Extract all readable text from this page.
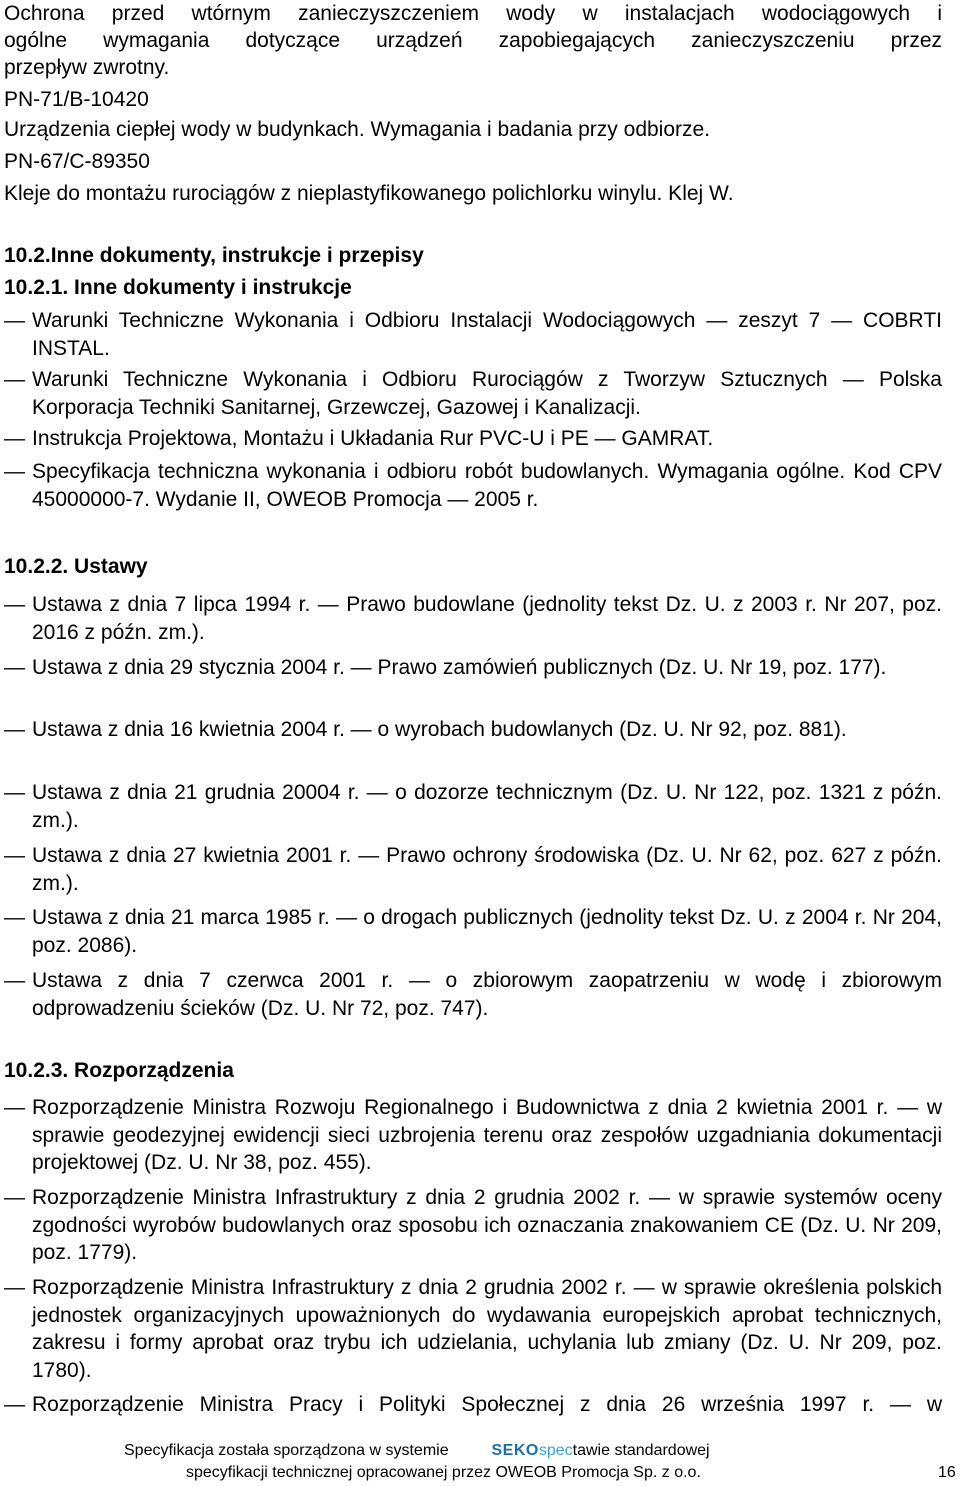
Ochrona przed wtórnym zanieczyszczeniem wody w instalacjach wodociągowych i
ogólne wymagania dotyczące urządzeń zapobiegających zanieczyszczeniu przez
przepływ zwrotny.
PN-71/B-10420
Urządzenia ciepłej wody w budynkach. Wymagania i badania przy odbiorze.
PN-67/C-89350
Kleje do montażu rurociągów z nieplastyfikowanego polichlorku winylu. Klej W.
10.2.Inne dokumenty, instrukcje i przepisy
10.2.1. Inne dokumenty i instrukcje
— Warunki Techniczne Wykonania i Odbioru Instalacji Wodociągowych — zeszyt 7 — COBRTI INSTAL.
— Warunki Techniczne Wykonania i Odbioru Rurociągów z Tworzyw Sztucznych — Polska Korporacja Techniki Sanitarnej, Grzewczej, Gazowej i Kanalizacji.
— Instrukcja Projektowa, Montażu i Układania Rur PVC-U i PE — GAMRAT.
— Specyfikacja techniczna wykonania i odbioru robót budowlanych. Wymagania ogólne. Kod CPV 45000000-7. Wydanie II, OWEOB Promocja — 2005 r.
10.2.2. Ustawy
— Ustawa z dnia 7 lipca 1994 r. — Prawo budowlane (jednolity tekst Dz. U. z 2003 r. Nr 207, poz. 2016 z późn. zm.).
— Ustawa z dnia 29 stycznia 2004 r. — Prawo zamówień publicznych (Dz. U. Nr 19, poz. 177).
— Ustawa z dnia 16 kwietnia 2004 r. — o wyrobach budowlanych (Dz. U. Nr 92, poz. 881).
— Ustawa z dnia 21 grudnia 20004 r. — o dozorze technicznym (Dz. U. Nr 122, poz. 1321 z późn. zm.).
— Ustawa z dnia 27 kwietnia 2001 r. — Prawo ochrony środowiska (Dz. U. Nr 62, poz. 627 z późn. zm.).
— Ustawa z dnia 21 marca 1985 r. — o drogach publicznych (jednolity tekst Dz. U. z 2004 r. Nr 204, poz. 2086).
— Ustawa z dnia 7 czerwca 2001 r. — o zbiorowym zaopatrzeniu w wodę i zbiorowym odprowadzeniu ścieków (Dz. U. Nr 72, poz. 747).
10.2.3. Rozporządzenia
— Rozporządzenie Ministra Rozwoju Regionalnego i Budownictwa z dnia 2 kwietnia 2001 r. — w sprawie geodezyjnej ewidencji sieci uzbrojenia terenu oraz zespołów uzgadniania dokumentacji projektowej (Dz. U. Nr 38, poz. 455).
— Rozporządzenie Ministra Infrastruktury z dnia 2 grudnia 2002 r. — w sprawie systemów oceny zgodności wyrobów budowlanych oraz sposobu ich oznaczania znakowaniem CE (Dz. U. Nr 209, poz. 1779).
— Rozporządzenie Ministra Infrastruktury z dnia 2 grudnia 2002 r. — w sprawie określenia polskich jednostek organizacyjnych upoważnionych do wydawania europejskich aprobat technicznych, zakresu i formy aprobat oraz trybu ich udzielania, uchylania lub zmiany (Dz. U. Nr 209, poz. 1780).
— Rozporządzenie Ministra Pracy i Polityki Społecznej z dnia 26 września 1997 r. — w
Specyfikacja została sporządzona w systemie	SEKOspectawie standardowej
specyfikacji technicznej opracowanej przez OWEOB Promocja Sp. z o.o.	16
